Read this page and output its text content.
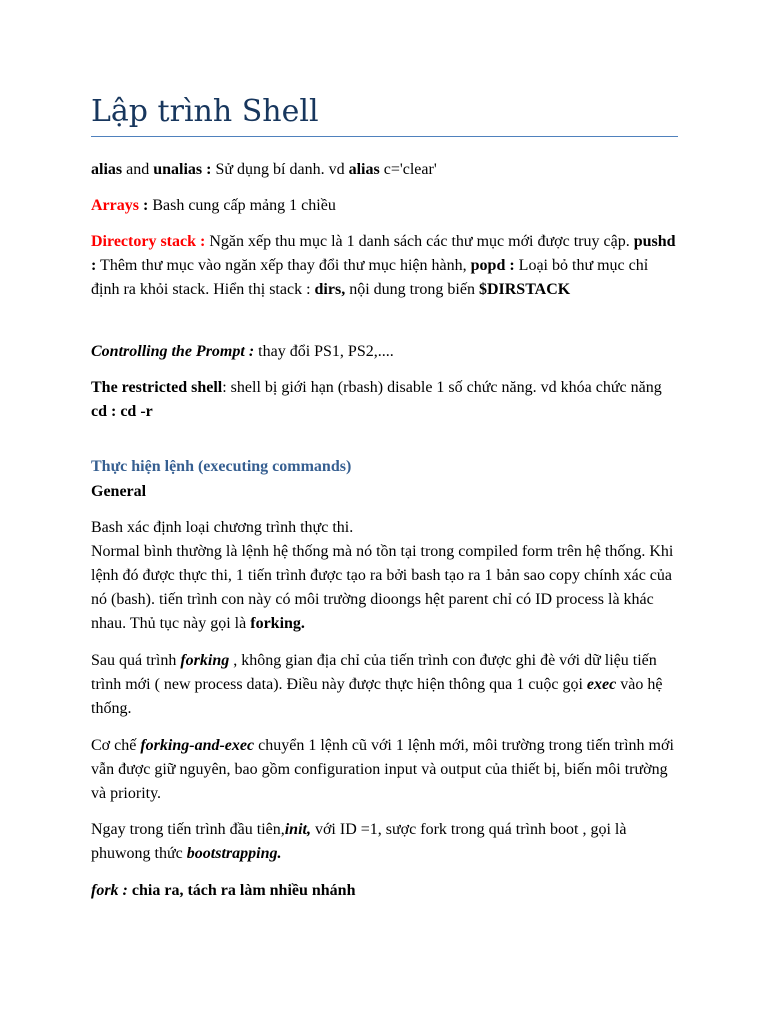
Lập trình Shell
alias and unalias : Sử dụng bí danh. vd alias c='clear'
Arrays : Bash cung cấp mảng 1 chiều
Directory stack : Ngăn xếp thu mục là 1 danh sách các thư mục mới được truy cập. pushd : Thêm thư mục vào ngăn xếp thay đổi thư mục hiện hành, popd : Loại bỏ thư mục chỉ định ra khỏi stack. Hiển thị stack : dirs, nội dung trong biến $DIRSTACK
Controlling the Prompt : thay đổi PS1, PS2,....
The restricted shell: shell bị giới hạn (rbash) disable 1 số chức năng. vd khóa chức năng cd : cd -r
Thực hiện lệnh (executing commands)
General
Bash xác định loại chương trình thực thi.
Normal bình thường là lệnh hệ thống mà nó tồn tại trong compiled form trên hệ thống. Khi lệnh đó được thực thi, 1 tiến trình được tạo ra bởi bash tạo ra 1 bản sao copy chính xác của nó (bash). tiến trình con này có môi trường dioongs hệt parent chỉ có ID process là khác nhau. Thủ tục này gọi là forking.
Sau quá trình forking , không gian địa chỉ của tiến trình con được ghi đè với dữ liệu tiến trình mới ( new process data). Điều này được thực hiện thông qua 1 cuộc gọi exec vào hệ thống.
Cơ chế forking-and-exec chuyển 1 lệnh cũ với 1 lệnh mới, môi trường trong tiến trình mới vẫn được giữ nguyên, bao gồm configuration input và output của thiết bị, biến môi trường và priority.
Ngay trong tiến trình đầu tiên,init, với ID =1, sược fork trong quá trình boot , gọi là phuwong thức bootstrapping.
fork : chia ra, tách ra làm nhiều nhánh
